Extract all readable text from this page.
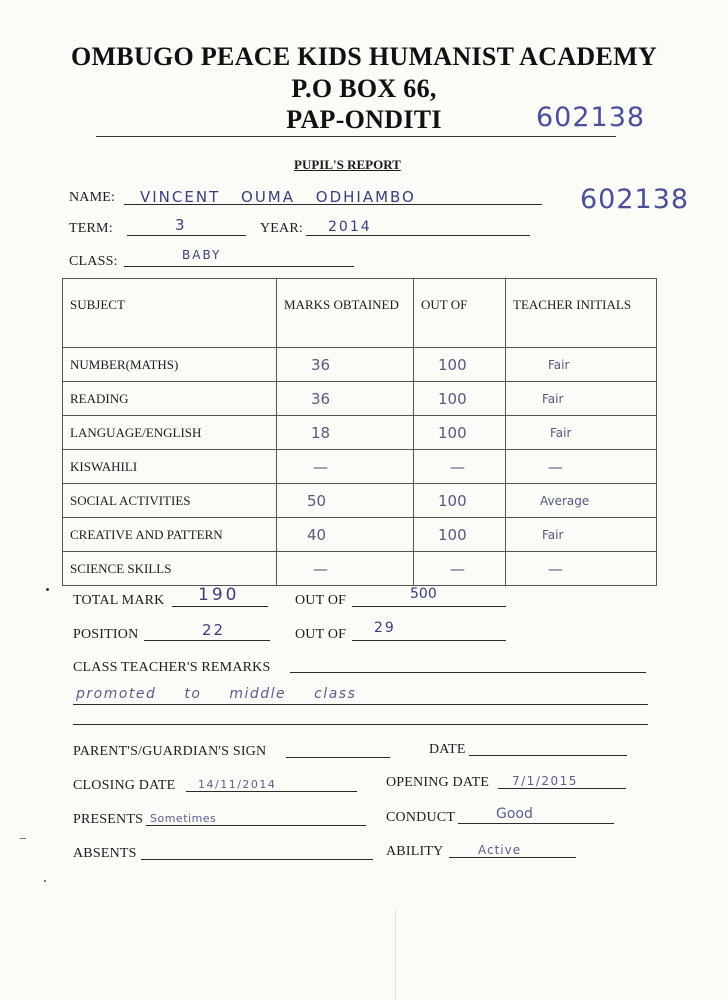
OMBUGO PEACE KIDS HUMANIST ACADEMY
P.O BOX 66,
PAP-ONDITI	602138
602138
PUPIL'S REPORT
NAME: VINCENT OUMA ODHIAMBO
TERM:	3	YEAR: 2014
CLASS:	BABY
SUBJECT	MARKS OBTAINED	OUT OF	TEACHER INITIALS
NUMBER(MATHS)	36	100	Fair
READING	36	100	Fair
LANGUAGE/ENGLISH	18	100	Fair
KISWAHILI	—	—	—
SOCIAL ACTIVITIES	50	100	Average
CREATIVE AND PATTERN	40	100	Fair
SCIENCE SKILLS	—	—	—
TOTAL MARK 190	OUT OF	500
POSITION	22	OUT OF 29
CLASS TEACHER'S REMARKS
promoted to middle class
PARENT'S/GUARDIAN'S SIGN	DATE
CLOSING DATE 14/11/2014	OPENING DATE 7/1/2015
PRESENTS Sometimes	CONDUCT	Good
ABSENTS	ABILITY	Active
